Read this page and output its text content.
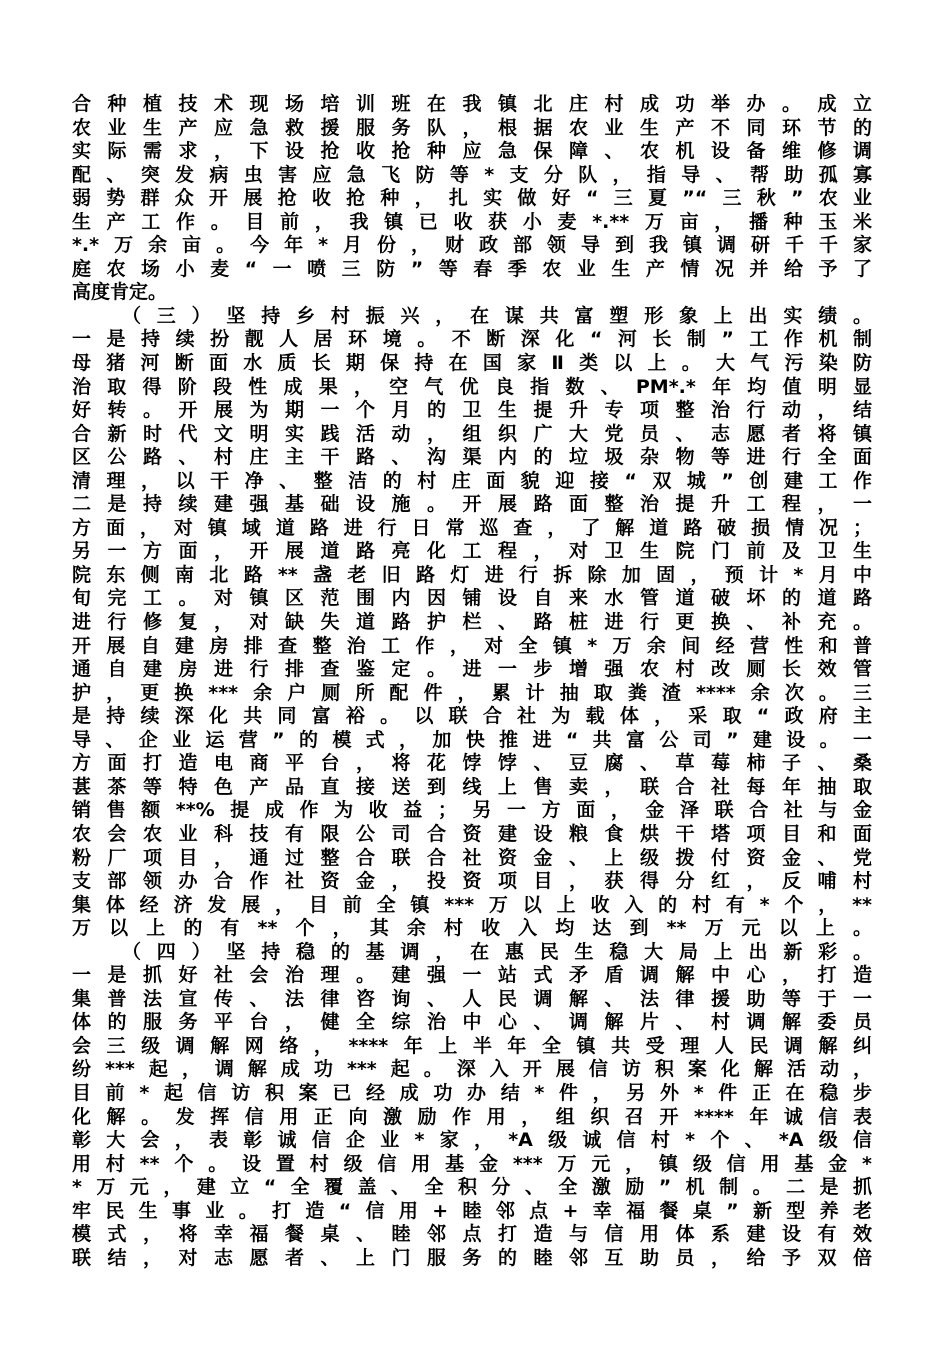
合种植技术现场培训班在我镇北庄村成功举办。成立
农业生产应急救援服务队，根据农业生产不同环节的
实际需求，下设抢收抢种应急保障、农机设备维修调
配、突发病虫害应急飞防等*支分队，指导、帮助孤寡
弱势群众开展抢收抢种，扎实做好“三夏”“三秋”农业
生产工作。目前，我镇已收获小麦*.**万亩，播种玉米
*.*万余亩。今年*月份，财政部领导到我镇调研千千家
庭农场小麦“一喷三防”等春季农业生产情况并给予了
高度肯定。
（三）坚持乡村振兴，在谋共富塑形象上出实绩。
一是持续扮靓人居环境。不断深化“河长制”工作机制
母猪河断面水质长期保持在国家Ⅱ类以上。大气污染防
治取得阶段性成果，空气优良指数、PM*.*年均值明显
好转。开展为期一个月的卫生提升专项整治行动，结
合新时代文明实践活动，组织广大党员、志愿者将镇
区公路、村庄主干路、沟渠内的垃圾杂物等进行全面
清理，以干净、整洁的村庄面貌迎接“双城”创建工作
二是持续建强基础设施。开展路面整治提升工程，一
方面，对镇域道路进行日常巡查，了解道路破损情况；
另一方面，开展道路亮化工程，对卫生院门前及卫生
院东侧南北路**盏老旧路灯进行拆除加固，预计*月中
旬完工。对镇区范围内因铺设自来水管道破坏的道路
进行修复，对缺失道路护栏、路桩进行更换、补充。
开展自建房排查整治工作，对全镇*万余间经营性和普
通自建房进行排查鉴定。进一步增强农村改厕长效管
护，更换***余户厕所配件，累计抽取粪渣****余次。三
是持续深化共同富裕。以联合社为载体，采取“政府主
导、企业运营”的模式，加快推进“共富公司”建设。一
方面打造电商平台，将花饽饽、豆腐、草莓柿子、桑
葚茶等特色产品直接送到线上售卖，联合社每年抽取
销售额**%提成作为收益；另一方面，金泽联合社与金
农会农业科技有限公司合资建设粮食烘干塔项目和面
粉厂项目，通过整合联合社资金、上级拨付资金、党
支部领办合作社资金，投资项目，获得分红，反哺村
集体经济发展，目前全镇***万以上收入的村有*个，**
万以上的有**个，其余村收入均达到**万元以上。
（四）坚持稳的基调，在惠民生稳大局上出新彩。
一是抓好社会治理。建强一站式矛盾调解中心，打造
集普法宣传、法律咨询、人民调解、法律援助等于一
体的服务平台，健全综治中心、调解片、村调解委员
会三级调解网络，****年上半年全镇共受理人民调解纠
纷***起，调解成功***起。深入开展信访积案化解活动，
目前*起信访积案已经成功办结*件，另外*件正在稳步
化解。发挥信用正向激励作用，组织召开****年诚信表
彰大会，表彰诚信企业*家，*A级诚信村*个、*A级信
用村**个。设置村级信用基金***万元，镇级信用基金*
*万元，建立“全覆盖、全积分、全激励”机制。二是抓
牢民生事业。打造“信用+睦邻点+幸福餐桌”新型养老
模式，将幸福餐桌、睦邻点打造与信用体系建设有效
联结，对志愿者、上门服务的睦邻互助员，给予双倍
